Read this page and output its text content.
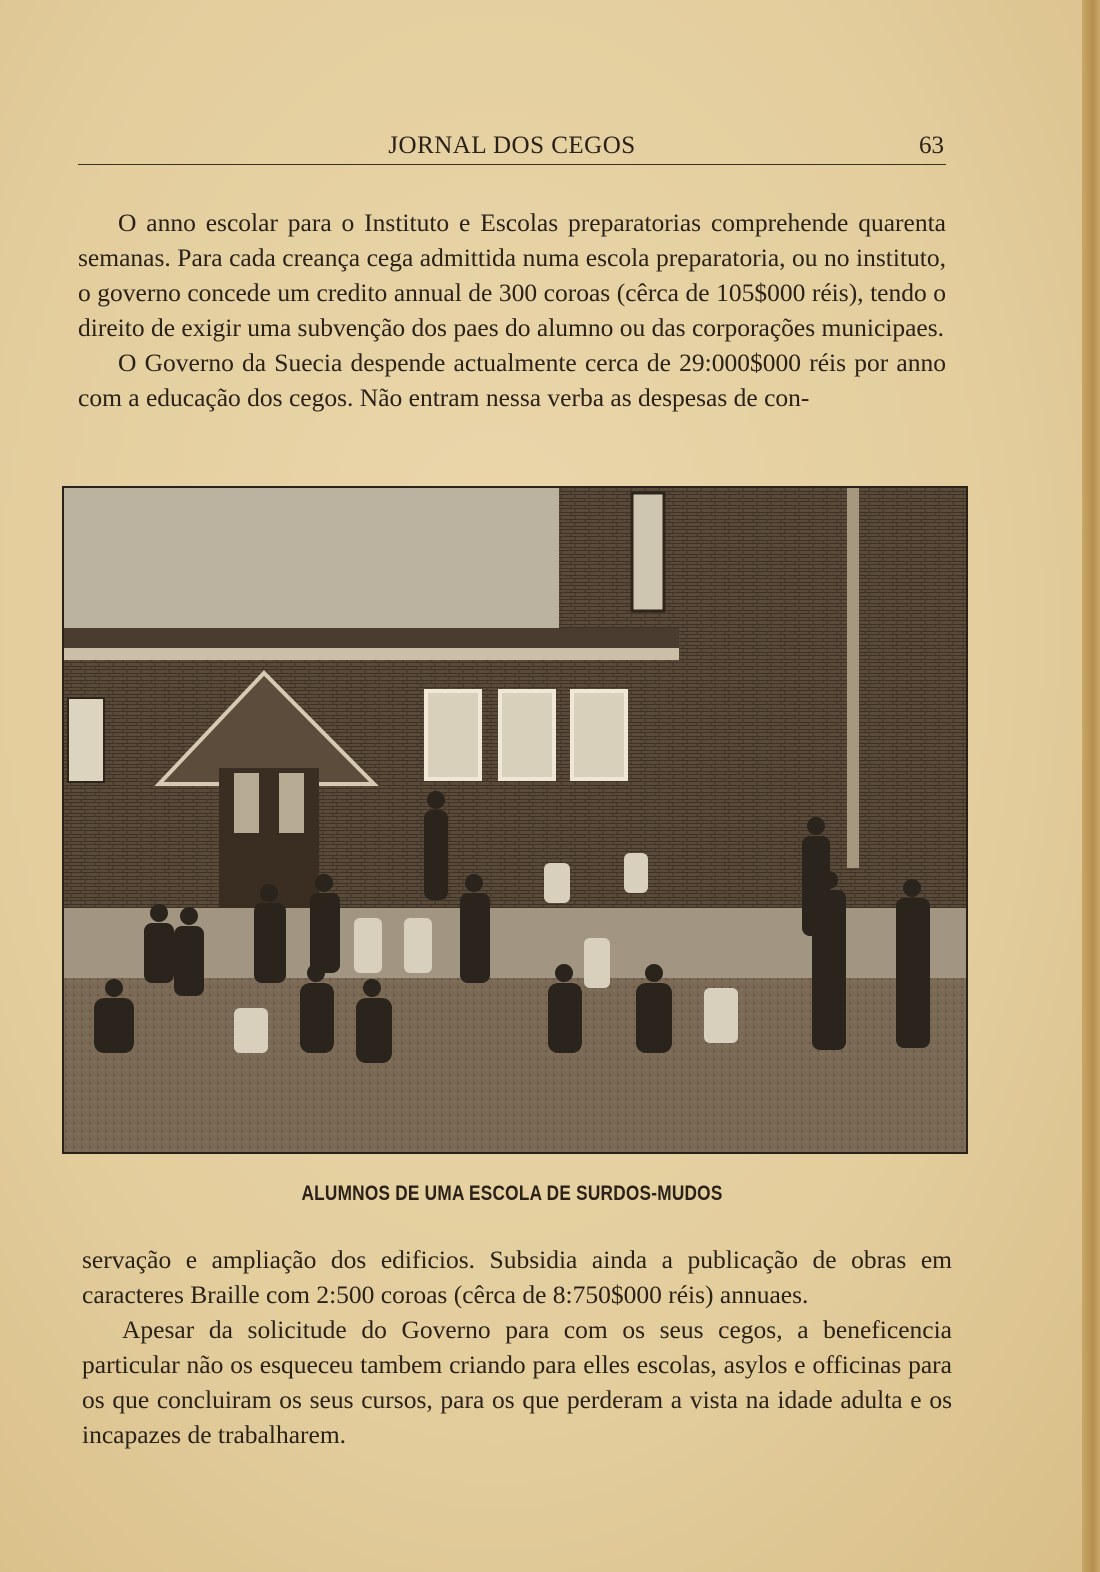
JORNAL DOS CEGOS	63

O anno escolar para o Instituto e Escolas preparatorias comprehende quarenta semanas. Para cada creança cega admittida numa escola preparatoria, ou no instituto, o governo concede um credito annual de 300 coroas (cêrca de 105$000 réis), tendo o direito de exigir uma subvenção dos paes do alumno ou das corporações municipaes.

O Governo da Suecia despende actualmente cerca de 29:000$000 réis por anno com a educação dos cegos. Não entram nessa verba as despesas de con-

ALUMNOS DE UMA ESCOLA DE SURDOS-MUDOS

servação e ampliação dos edificios. Subsidia ainda a publicação de obras em caracteres Braille com 2:500 coroas (cêrca de 8:750$000 réis) annuaes.

Apesar da solicitude do Governo para com os seus cegos, a beneficencia particular não os esqueceu tambem criando para elles escolas, asylos e officinas para os que concluiram os seus cursos, para os que perderam a vista na idade adulta e os incapazes de trabalharem.
